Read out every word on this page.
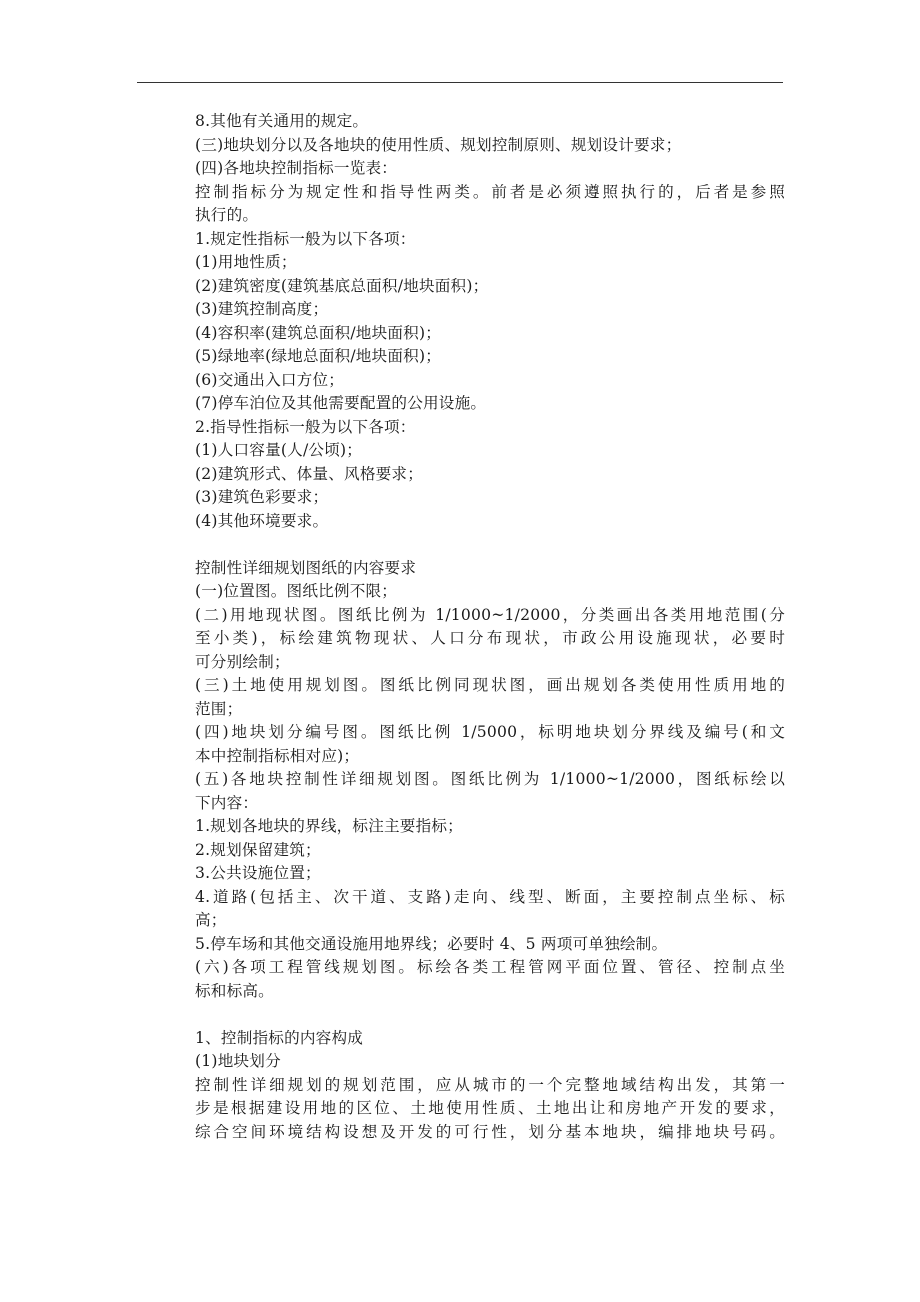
8.其他有关通用的规定。
(三)地块划分以及各地块的使用性质、规划控制原则、规划设计要求；
(四)各地块控制指标一览表：
控制指标分为规定性和指导性两类。前者是必须遵照执行的，后者是参照
执行的。
1.规定性指标一般为以下各项：
(1)用地性质；
(2)建筑密度(建筑基底总面积/地块面积)；
(3)建筑控制高度；
(4)容积率(建筑总面积/地块面积)；
(5)绿地率(绿地总面积/地块面积)；
(6)交通出入口方位；
(7)停车泊位及其他需要配置的公用设施。
2.指导性指标一般为以下各项：
(1)人口容量(人/公顷)；
(2)建筑形式、体量、风格要求；
(3)建筑色彩要求；
(4)其他环境要求。
控制性详细规划图纸的内容要求
(一)位置图。图纸比例不限；
(二)用地现状图。图纸比例为 1/1000~1/2000，分类画出各类用地范围(分
至小类)，标绘建筑物现状、人口分布现状，市政公用设施现状，必要时
可分别绘制；
(三)土地使用规划图。图纸比例同现状图，画出规划各类使用性质用地的
范围；
(四)地块划分编号图。图纸比例 1/5000，标明地块划分界线及编号(和文
本中控制指标相对应)；
(五)各地块控制性详细规划图。图纸比例为 1/1000~1/2000，图纸标绘以
下内容：
1.规划各地块的界线，标注主要指标；
2.规划保留建筑；
3.公共设施位置；
4.道路(包括主、次干道、支路)走向、线型、断面，主要控制点坐标、标
高；
5.停车场和其他交通设施用地界线；必要时 4、5 两项可单独绘制。
(六)各项工程管线规划图。标绘各类工程管网平面位置、管径、控制点坐
标和标高。
1、控制指标的内容构成
(1)地块划分
控制性详细规划的规划范围，应从城市的一个完整地域结构出发，其第一
步是根据建设用地的区位、土地使用性质、土地出让和房地产开发的要求，
综合空间环境结构设想及开发的可行性，划分基本地块，编排地块号码。
